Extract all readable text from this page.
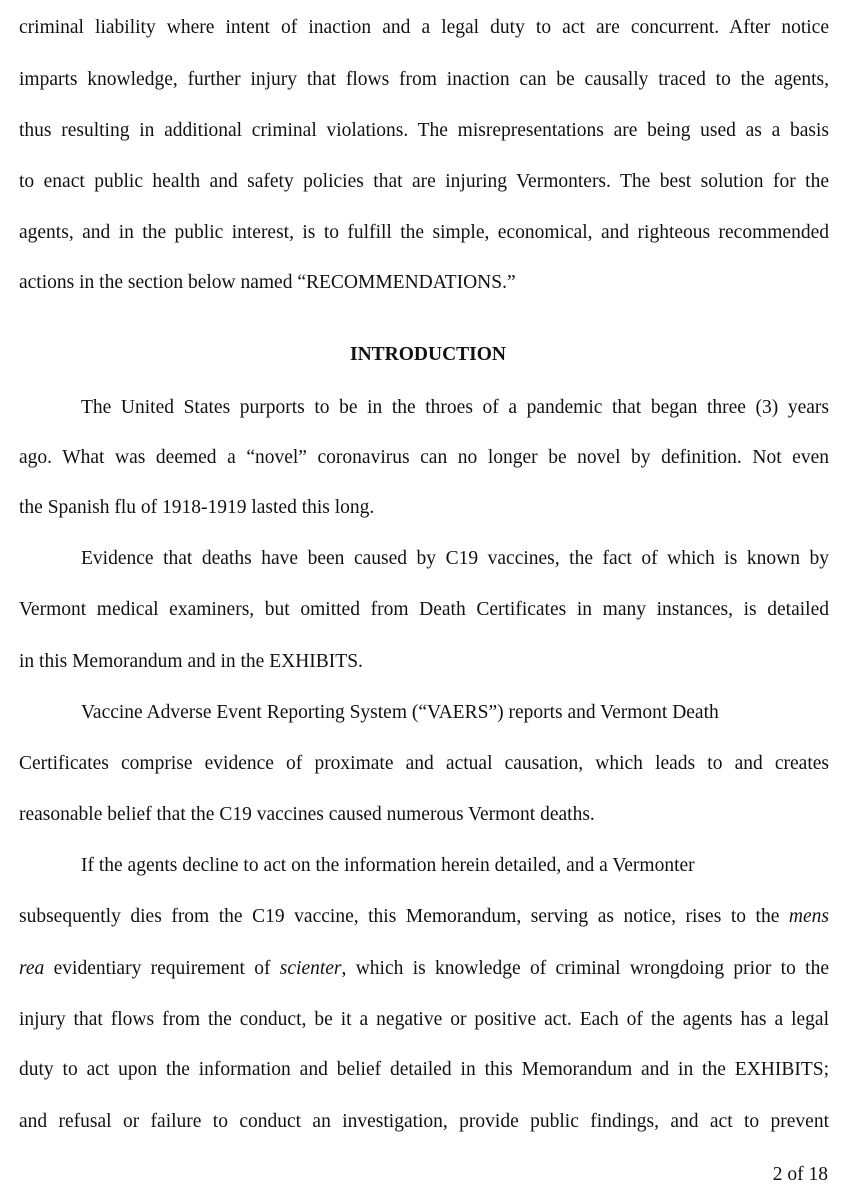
criminal liability where intent of inaction and a legal duty to act are concurrent. After notice
imparts knowledge, further injury that flows from inaction can be causally traced to the agents,
thus resulting in additional criminal violations. The misrepresentations are being used as a basis
to enact public health and safety policies that are injuring Vermonters. The best solution for the
agents, and in the public interest, is to fulfill the simple, economical, and righteous recommended
actions in the section below named “RECOMMENDATIONS.”
INTRODUCTION
The United States purports to be in the throes of a pandemic that began three (3) years
ago. What was deemed a “novel” coronavirus can no longer be novel by definition. Not even
the Spanish flu of 1918-1919 lasted this long.
Evidence that deaths have been caused by C19 vaccines, the fact of which is known by
Vermont medical examiners, but omitted from Death Certificates in many instances, is detailed
in this Memorandum and in the EXHIBITS.
Vaccine Adverse Event Reporting System (“VAERS”) reports and Vermont Death
Certificates comprise evidence of proximate and actual causation, which leads to and creates
reasonable belief that the C19 vaccines caused numerous Vermont deaths.
If the agents decline to act on the information herein detailed, and a Vermonter
subsequently dies from the C19 vaccine, this Memorandum, serving as notice, rises to the mens
rea evidentiary requirement of scienter, which is knowledge of criminal wrongdoing prior to the
injury that flows from the conduct, be it a negative or positive act. Each of the agents has a legal
duty to act upon the information and belief detailed in this Memorandum and in the EXHIBITS;
and refusal or failure to conduct an investigation, provide public findings, and act to prevent
2 of 18
